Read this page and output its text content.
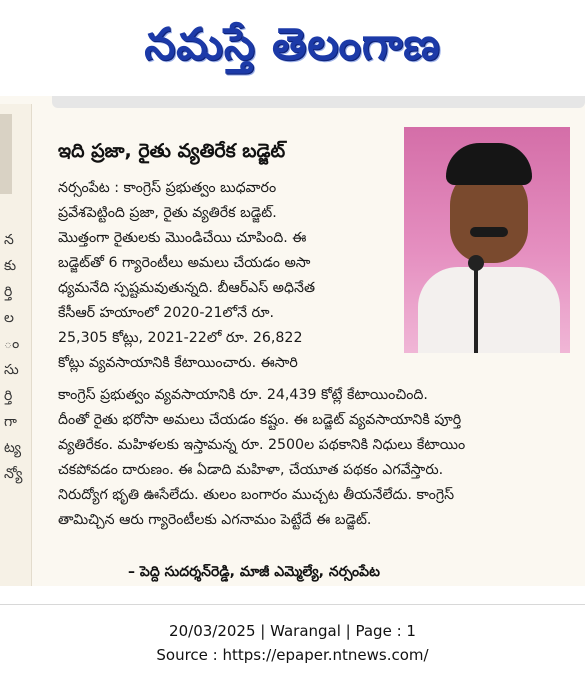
నమస్తే తెలంగాణ
న
కు
ర్తి
ల
ం
సు
ర్తి
గా
ట్య
న్యో
ఇది ప్రజా, రైతు వ్యతిరేక బడ్జెట్
నర్సంపేట : కాంగ్రెస్ ప్రభుత్వం బుధవారం
ప్రవేశపెట్టింది ప్రజా, రైతు వ్యతిరేక బడ్జెట్.
మొత్తంగా రైతులకు మొండిచేయి చూపింది. ఈ
బడ్జెట్‌తో 6 గ్యారెంటీలు అమలు చేయడం అసా
ధ్యమనేది స్పష్టమవుతున్నది. బీఆర్‌ఎస్ అధినేత
కేసీఆర్ హయాంలో 2020-21లోనే రూ.
25,305 కోట్లు, 2021-22లో రూ. 26,822
కోట్లు వ్యవసాయానికి కేటాయించారు. ఈసారి
కాంగ్రెస్ ప్రభుత్వం వ్యవసాయానికి రూ. 24,439 కోట్లే కేటాయించింది.
దీంతో రైతు భరోసా అమలు చేయడం కష్టం. ఈ బడ్జెట్ వ్యవసాయానికి పూర్తి
వ్యతిరేకం. మహిళలకు ఇస్తామన్న రూ. 2500ల పథకానికి నిధులు కేటాయిం
చకపోవడం దారుణం. ఈ ఏడాది మహిళా, చేయూత పథకం ఎగవేస్తారు.
నిరుద్యోగ భృతి ఊసేలేదు. తులం బంగారం ముచ్చట తీయనేలేదు. కాంగ్రెస్
తామిచ్చిన ఆరు గ్యారెంటీలకు ఎగనామం పెట్టేదే ఈ బడ్జెట్.
– పెద్ది సుదర్శన్‌రెడ్డి, మాజీ ఎమ్మెల్యే, నర్సంపేట
20/03/2025 | Warangal | Page : 1
Source : https://epaper.ntnews.com/
